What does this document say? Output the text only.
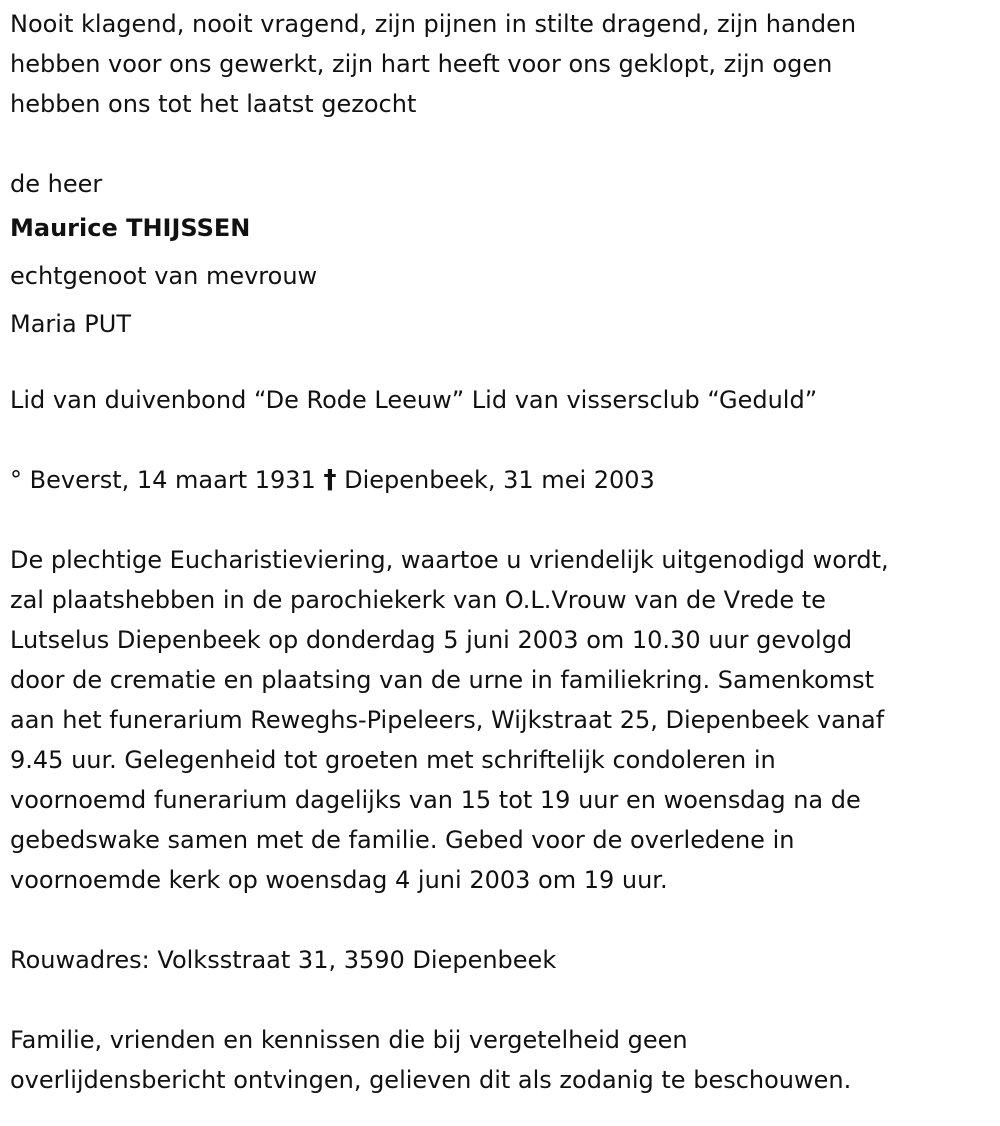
Nooit klagend, nooit vragend, zijn pijnen in stilte dragend, zijn handen
hebben voor ons gewerkt, zijn hart heeft voor ons geklopt, zijn ogen
hebben ons tot het laatst gezocht

de heer
Maurice THIJSSEN
echtgenoot van mevrouw
Maria PUT
Lid van duivenbond “De Rode Leeuw” Lid van vissersclub “Geduld”
° Beverst, 14 maart 1931 † Diepenbeek, 31 mei 2003

De plechtige Eucharistieviering, waartoe u vriendelijk uitgenodigd wordt,
zal plaatshebben in de parochiekerk van O.L.Vrouw van de Vrede te
Lutselus Diepenbeek op donderdag 5 juni 2003 om 10.30 uur gevolgd
door de crematie en plaatsing van de urne in familiekring. Samenkomst
aan het funerarium Reweghs-Pipeleers, Wijkstraat 25, Diepenbeek vanaf
9.45 uur. Gelegenheid tot groeten met schriftelijk condoleren in
voornoemd funerarium dagelijks van 15 tot 19 uur en woensdag na de
gebedswake samen met de familie. Gebed voor de overledene in
voornoemde kerk op woensdag 4 juni 2003 om 19 uur.

Rouwadres: Volksstraat 31, 3590 Diepenbeek

Familie, vrienden en kennissen die bij vergetelheid geen
overlijdensbericht ontvingen, gelieven dit als zodanig te beschouwen.
